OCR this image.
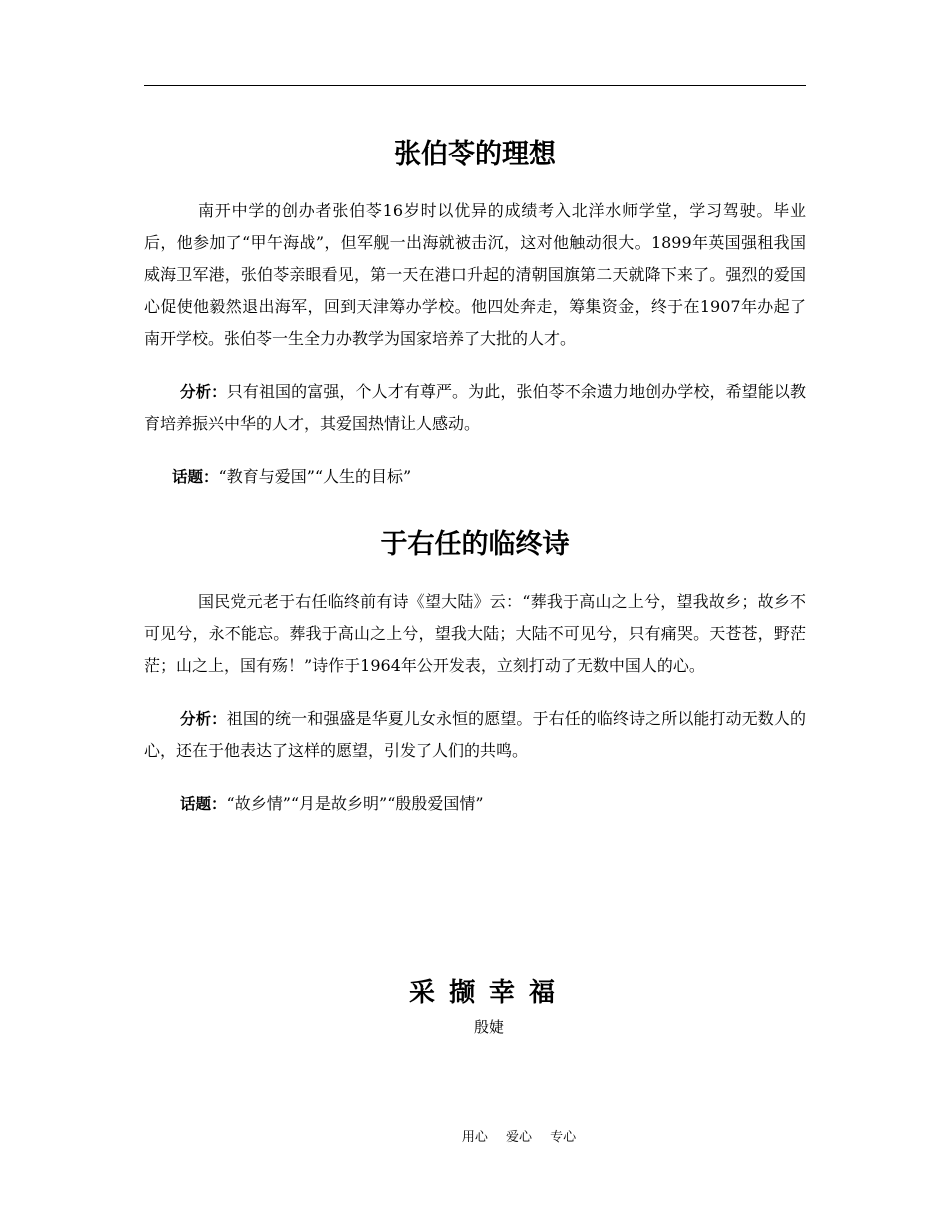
张伯苓的理想

南开中学的创办者张伯苓16岁时以优异的成绩考入北洋水师学堂，学习驾驶。毕业后，他参加了“甲午海战”，但军舰一出海就被击沉，这对他触动很大。1899年英国强租我国威海卫军港，张伯苓亲眼看见，第一天在港口升起的清朝国旗第二天就降下来了。强烈的爱国心促使他毅然退出海军，回到天津筹办学校。他四处奔走，筹集资金，终于在1907年办起了南开学校。张伯苓一生全力办教学为国家培养了大批的人才。

分析：只有祖国的富强，个人才有尊严。为此，张伯苓不余遗力地创办学校，希望能以教育培养振兴中华的人才，其爱国热情让人感动。

话题：“教育与爱国”“人生的目标”

于右任的临终诗

国民党元老于右任临终前有诗《望大陆》云：“葬我于高山之上兮，望我故乡；故乡不可见兮，永不能忘。葬我于高山之上兮，望我大陆；大陆不可见兮，只有痛哭。天苍苍，野茫茫；山之上，国有殇！”诗作于1964年公开发表，立刻打动了无数中国人的心。

分析：祖国的统一和强盛是华夏儿女永恒的愿望。于右任的临终诗之所以能打动无数人的心，还在于他表达了这样的愿望，引发了人们的共鸣。

话题：“故乡情”“月是故乡明”“殷殷爱国情”

采撷幸福
殷婕
用心 爱心 专心
